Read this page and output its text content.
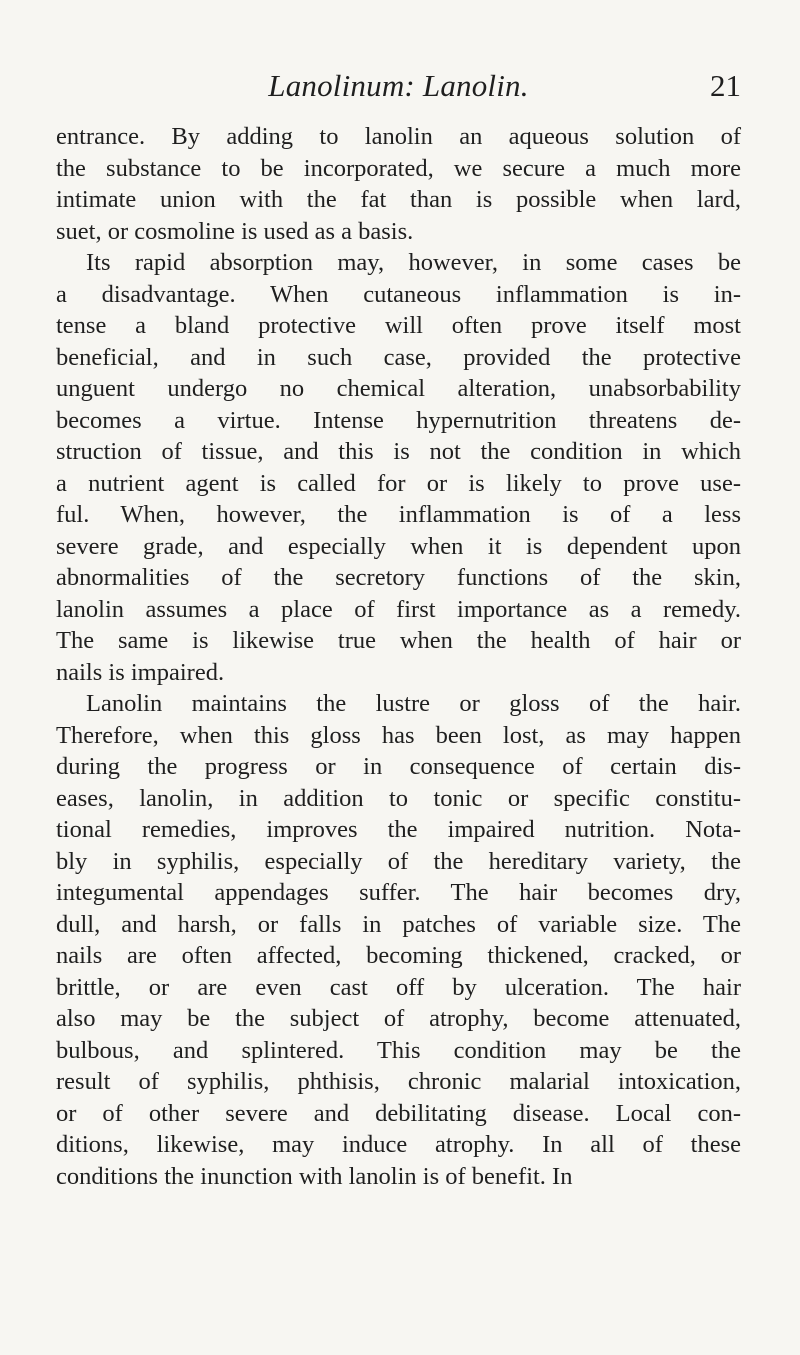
Lanolinum: Lanolin.	21
entrance. By adding to lanolin an aqueous solution of
the substance to be incorporated, we secure a much more
intimate union with the fat than is possible when lard,
suet, or cosmoline is used as a basis.
Its rapid absorption may, however, in some cases be
a disadvantage. When cutaneous inflammation is in-
tense a bland protective will often prove itself most
beneficial, and in such case, provided the protective
unguent undergo no chemical alteration, unabsorbability
becomes a virtue. Intense hypernutrition threatens de-
struction of tissue, and this is not the condition in which
a nutrient agent is called for or is likely to prove use-
ful. When, however, the inflammation is of a less
severe grade, and especially when it is dependent upon
abnormalities of the secretory functions of the skin,
lanolin assumes a place of first importance as a remedy.
The same is likewise true when the health of hair or
nails is impaired.
Lanolin maintains the lustre or gloss of the hair.
Therefore, when this gloss has been lost, as may happen
during the progress or in consequence of certain dis-
eases, lanolin, in addition to tonic or specific constitu-
tional remedies, improves the impaired nutrition. Nota-
bly in syphilis, especially of the hereditary variety, the
integumental appendages suffer. The hair becomes dry,
dull, and harsh, or falls in patches of variable size. The
nails are often affected, becoming thickened, cracked, or
brittle, or are even cast off by ulceration. The hair
also may be the subject of atrophy, become attenuated,
bulbous, and splintered. This condition may be the
result of syphilis, phthisis, chronic malarial intoxication,
or of other severe and debilitating disease. Local con-
ditions, likewise, may induce atrophy. In all of these
conditions the inunction with lanolin is of benefit. In
